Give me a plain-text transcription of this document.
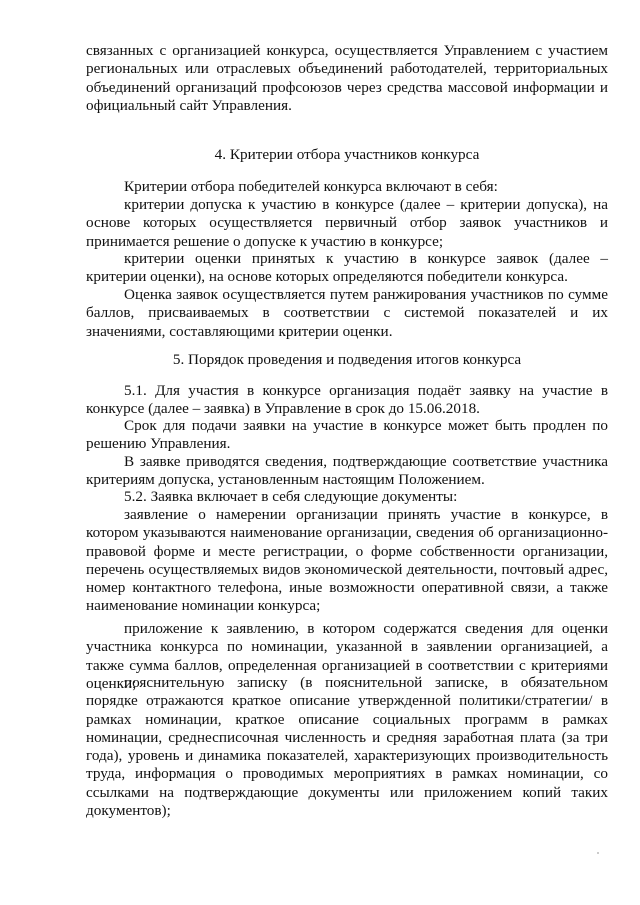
связанных с организацией конкурса, осуществляется Управлением с участием региональных или отраслевых объединений работодателей, территориальных объединений организаций профсоюзов через средства массовой информации и официальный сайт Управления.

4. Критерии отбора участников конкурса

Критерии отбора победителей конкурса включают в себя:

критерии допуска к участию в конкурсе (далее – критерии допуска), на основе которых осуществляется первичный отбор заявок участников и принимается решение о допуске к участию в конкурсе;

критерии оценки принятых к участию в конкурсе заявок (далее – критерии оценки), на основе которых определяются победители конкурса.

Оценка заявок осуществляется путем ранжирования участников по сумме баллов, присваиваемых в соответствии с системой показателей и их значениями, составляющими критерии оценки.

5. Порядок проведения и подведения итогов конкурса

5.1. Для участия в конкурсе организация подаёт заявку на участие в конкурсе (далее – заявка) в Управление в срок до 15.06.2018.

Срок для подачи заявки на участие в конкурсе может быть продлен по решению Управления.

В заявке приводятся сведения, подтверждающие соответствие участника критериям допуска, установленным настоящим Положением.

5.2. Заявка включает в себя следующие документы:

заявление о намерении организации принять участие в конкурсе, в котором указываются наименование организации, сведения об организационно-правовой форме и месте регистрации, о форме собственности организации, перечень осуществляемых видов экономической деятельности, почтовый адрес, номер контактного телефона, иные возможности оперативной связи, а также наименование номинации конкурса;

приложение к заявлению, в котором содержатся сведения для оценки участника конкурса по номинации, указанной в заявлении организацией, а также сумма баллов, определенная организацией в соответствии с критериями оценки;

пояснительную записку (в пояснительной записке, в обязательном порядке отражаются краткое описание утвержденной политики/стратегии/ в рамках номинации, краткое описание социальных программ в рамках номинации, среднесписочная численность и средняя заработная плата (за три года), уровень и динамика показателей, характеризующих производительность труда, информация о проводимых мероприятиях в рамках номинации, со ссылками на подтверждающие документы или приложением копий таких документов);
